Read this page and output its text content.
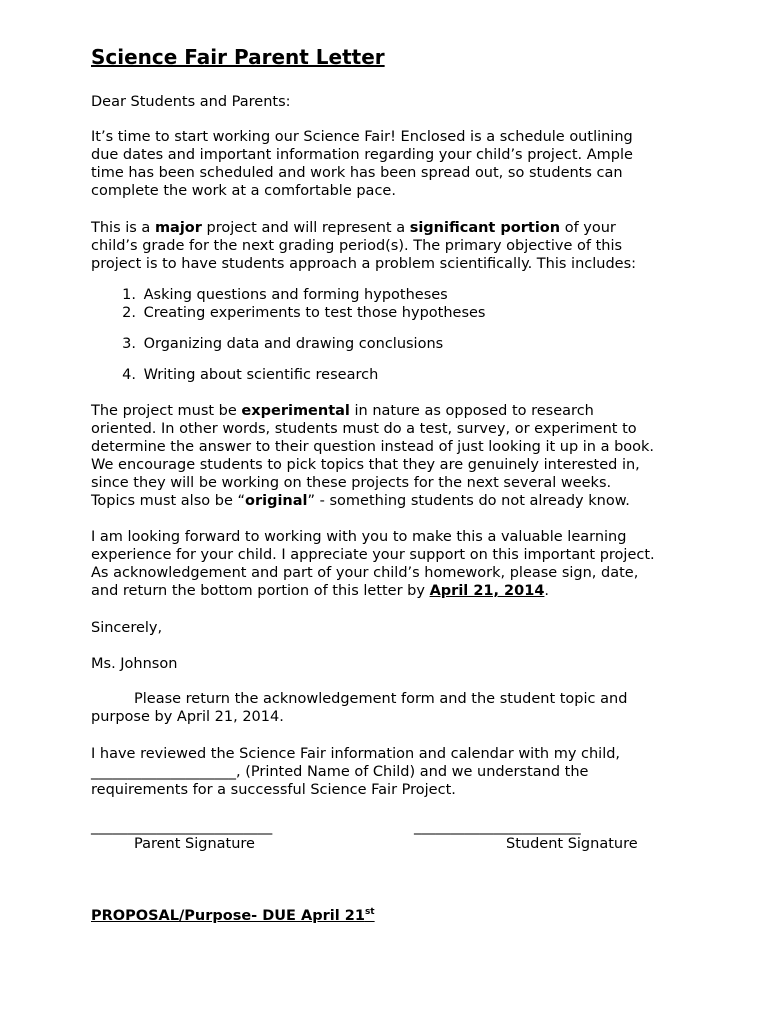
Science Fair Parent Letter

Dear Students and Parents:

It’s time to start working our Science Fair! Enclosed is a schedule outlining
due dates and important information regarding your child’s project. Ample
time has been scheduled and work has been spread out, so students can
complete the work at a comfortable pace.

This is a major project and will represent a significant portion of your
child’s grade for the next grading period(s). The primary objective of this
project is to have students approach a problem scientifically. This includes:

1. Asking questions and forming hypotheses
2. Creating experiments to test those hypotheses
3. Organizing data and drawing conclusions
4. Writing about scientific research

The project must be experimental in nature as opposed to research
oriented. In other words, students must do a test, survey, or experiment to
determine the answer to their question instead of just looking it up in a book.
We encourage students to pick topics that they are genuinely interested in,
since they will be working on these projects for the next several weeks.
Topics must also be “original” - something students do not already know.

I am looking forward to working with you to make this a valuable learning
experience for your child. I appreciate your support on this important project.
As acknowledgement and part of your child’s homework, please sign, date,
and return the bottom portion of this letter by April 21, 2014.

Sincerely,

Ms. Johnson

Please return the acknowledgement form and the student topic and
purpose by April 21, 2014.

I have reviewed the Science Fair information and calendar with my child,
____________________, (Printed Name of Child) and we understand the
requirements for a successful Science Fair Project.

_________________________	_______________________
Parent Signature	Student Signature
PROPOSAL/Purpose- DUE April 21st
